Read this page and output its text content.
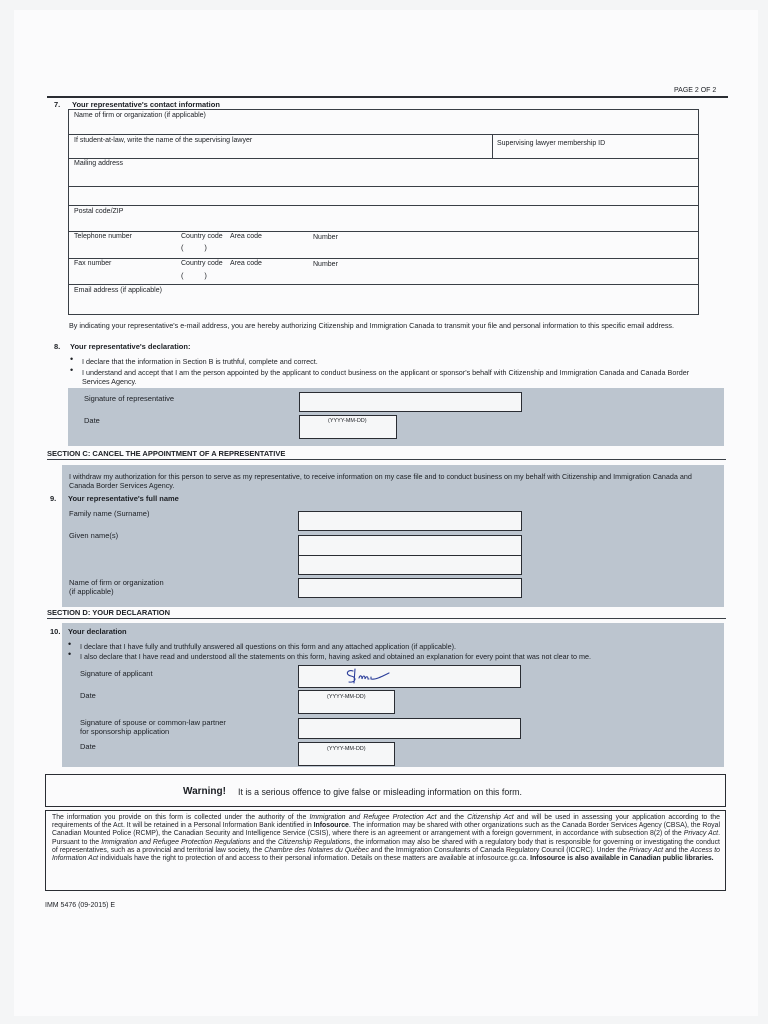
PAGE 2 OF 2
7. Your representative's contact information
Name of firm or organization (if applicable)
If student-at-law, write the name of the supervising lawyer	Supervising lawyer membership ID
Mailing address
Postal code/ZIP
Telephone number	Country code Area code	Number
(          )
Fax number	Country code Area code	Number
(          )
Email address (if applicable)
By indicating your representative's e-mail address, you are hereby authorizing Citizenship and Immigration Canada to transmit your file and personal information to this specific email address.
8. Your representative's declaration:
• I declare that the information in Section B is truthful, complete and correct.
• I understand and accept that I am the person appointed by the applicant to conduct business on the applicant or sponsor's behalf with Citizenship and Immigration Canada and Canada Border Services Agency.
Signature of representative
Date	(YYYY-MM-DD)
SECTION C: CANCEL THE APPOINTMENT OF A REPRESENTATIVE
I withdraw my authorization for this person to serve as my representative, to receive information on my case file and to conduct business on my behalf with Citizenship and Immigration Canada and Canada Border Services Agency.
9. Your representative's full name
Family name (Surname)
Given name(s)
Name of firm or organization
(if applicable)
SECTION D: YOUR DECLARATION
10. Your declaration
• I declare that I have fully and truthfully answered all questions on this form and any attached application (if applicable).
• I also declare that I have read and understood all the statements on this form, having asked and obtained an explanation for every point that was not clear to me.
Signature of applicant
Date	(YYYY-MM-DD)
Signature of spouse or common-law partner
for sponsorship application
Date	(YYYY-MM-DD)
Warning! It is a serious offence to give false or misleading information on this form.
The information you provide on this form is collected under the authority of the Immigration and Refugee Protection Act and the Citizenship Act and will be used in assessing your application according to the requirements of the Act. It will be retained in a Personal Information Bank identified in Infosource. The information may be shared with other organizations such as the Canada Border Services Agency (CBSA), the Royal Canadian Mounted Police (RCMP), the Canadian Security and Intelligence Service (CSIS), where there is an agreement or arrangement with a foreign government, in accordance with subsection 8(2) of the Privacy Act. Pursuant to the Immigration and Refugee Protection Regulations and the Citizenship Regulations, the information may also be shared with a regulatory body that is responsible for governing or investigating the conduct of representatives, such as a provincial and territorial law society, the Chambre des Notaires du Québec and the Immigration Consultants of Canada Regulatory Council (ICCRC). Under the Privacy Act and the Access to Information Act individuals have the right to protection of and access to their personal information. Details on these matters are available at infosource.gc.ca. Infosource is also available in Canadian public libraries.
IMM 5476 (09-2015) E
